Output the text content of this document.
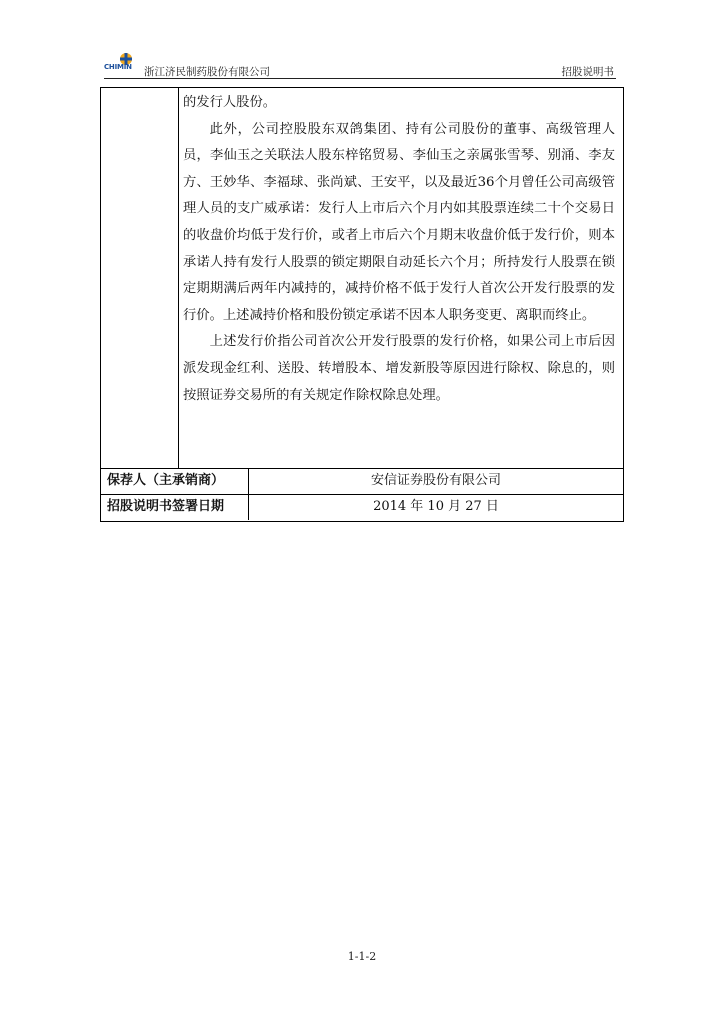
CHIMIN 浙江济民制药股份有限公司	招股说明书

的发行人股份。

此外，公司控股股东双鸽集团、持有公司股份的董事、高级管理人员，李仙玉之关联法人股东梓铭贸易、李仙玉之亲属张雪琴、别涌、李友方、王妙华、李福球、张尚斌、王安平，以及最近36个月曾任公司高级管理人员的支广威承诺：发行人上市后六个月内如其股票连续二十个交易日的收盘价均低于发行价，或者上市后六个月期末收盘价低于发行价，则本承诺人持有发行人股票的锁定期限自动延长六个月；所持发行人股票在锁定期期满后两年内减持的，减持价格不低于发行人首次公开发行股票的发行价。上述减持价格和股份锁定承诺不因本人职务变更、离职而终止。

上述发行价指公司首次公开发行股票的发行价格，如果公司上市后因派发现金红利、送股、转增股本、增发新股等原因进行除权、除息的，则按照证券交易所的有关规定作除权除息处理。

保荐人（主承销商）	安信证券股份有限公司
招股说明书签署日期	2014 年 10 月 27 日
1-1-2
